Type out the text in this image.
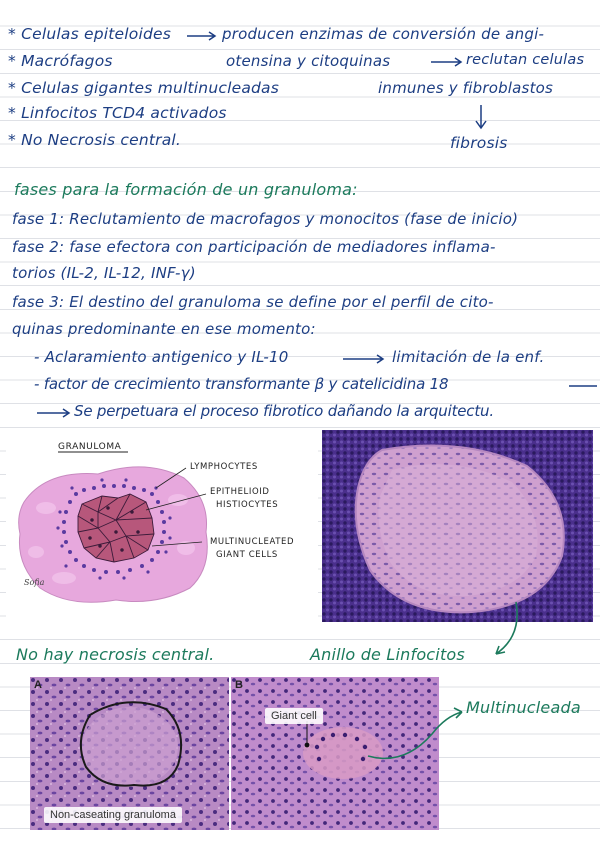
* Celulas epiteloides
* Macrófagos
* Celulas gigantes multinucleadas
* Linfocitos TCD4 activados
* No Necrosis central.
producen enzimas de conversión de angi-
otensina y citoquinas	reclutan celulas
inmunes y fibroblastos
fibrosis
fases para la formación de un granuloma:
fase 1: Reclutamiento de macrofagos y monocitos (fase de inicio)
fase 2: fase efectora con participación de mediadores inflama-
torios (IL-2, IL-12, INF-γ)
fase 3: El destino del granuloma se define por el perfil de cito-
quinas predominante en ese momento:
- Aclaramiento antigenico y IL-10	limitación de la enf.
- factor de crecimiento transformante β y catelicidina 18
Se perpetuara el proceso fibrotico dañando la arquitectu.
GRANULOMA
LYMPHOCYTES
EPITHELIOID
HISTIOCYTES
MULTINUCLEATED
GIANT CELLS
Sofia
No hay necrosis central.	Anillo de Linfocitos
A
Non-caseating granuloma
B
Giant cell	Multinucleada
